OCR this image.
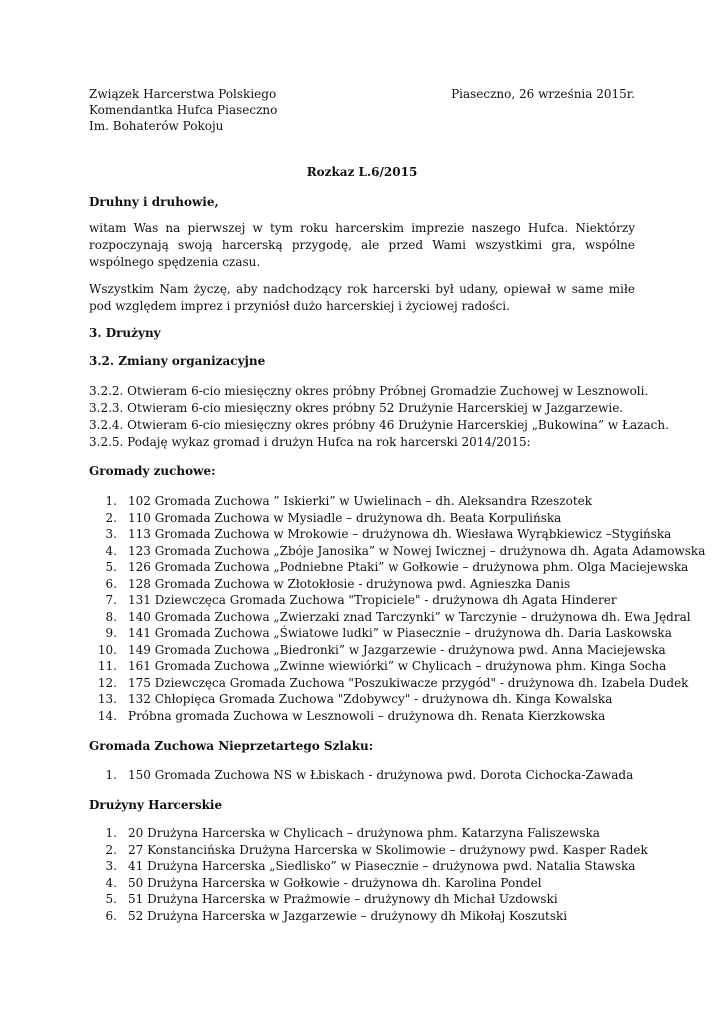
Związek Harcerstwa Polskiego	Piaseczno, 26 września 2015r.
Komendantka Hufca Piaseczno
Im. Bohaterów Pokoju
Rozkaz L.6/2015
Druhny i druhowie,
witam Was na pierwszej w tym roku harcerskim imprezie naszego Hufca. Niektórzy
rozpoczynają swoją harcerską przygodę, ale przed Wami wszystkimi gra, wspólne
wspólnego spędzenia czasu.
Wszystkim Nam życzę, aby nadchodzący rok harcerski był udany, opiewał w same miłe
pod względem imprez i przyniósł dużo harcerskiej i życiowej radości.
3. Drużyny
3.2. Zmiany organizacyjne
3.2.2. Otwieram 6-cio miesięczny okres próbny Próbnej Gromadzie Zuchowej w Lesznowoli.
3.2.3. Otwieram 6-cio miesięczny okres próbny 52 Drużynie Harcerskiej w Jazgarzewie.
3.2.4. Otwieram 6-cio miesięczny okres próbny 46 Drużynie Harcerskiej „Bukowina” w Łazach.
3.2.5. Podaję wykaz gromad i drużyn Hufca na rok harcerski 2014/2015:
Gromady zuchowe:
1. 102 Gromada Zuchowa ” Iskierki” w Uwielinach – dh. Aleksandra Rzeszotek
2. 110 Gromada Zuchowa w Mysiadle – drużynowa dh. Beata Korpulińska
3. 113 Gromada Zuchowa w Mrokowie – drużynowa dh. Wiesława Wyrąbkiewicz –Stygińska
4. 123 Gromada Zuchowa „Zbóje Janosika” w Nowej Iwicznej – drużynowa dh. Agata Adamowska
5. 126 Gromada Zuchowa „Podniebne Ptaki” w Gołkowie – drużynowa phm. Olga Maciejewska
6. 128 Gromada Zuchowa w Złotokłosie - drużynowa pwd. Agnieszka Danis
7. 131 Dziewczęca Gromada Zuchowa "Tropiciele" - drużynowa dh Agata Hinderer
8. 140 Gromada Zuchowa „Zwierzaki znad Tarczynki” w Tarczynie – drużynowa dh. Ewa Jędral
9. 141 Gromada Zuchowa „Światowe ludki” w Piasecznie – drużynowa dh. Daria Laskowska
10. 149 Gromada Zuchowa „Biedronki” w Jazgarzewie - drużynowa pwd. Anna Maciejewska
11. 161 Gromada Zuchowa „Zwinne wiewiórki” w Chylicach – drużynowa phm. Kinga Socha
12. 175 Dziewczęca Gromada Zuchowa "Poszukiwacze przygód" - drużynowa dh. Izabela Dudek
13. 132 Chłopięca Gromada Zuchowa "Zdobywcy" - drużynowa dh. Kinga Kowalska
14. Próbna gromada Zuchowa w Lesznowoli – drużynowa dh. Renata Kierzkowska
Gromada Zuchowa Nieprzetartego Szlaku:
1. 150 Gromada Zuchowa NS w Łbiskach - drużynowa pwd. Dorota Cichocka-Zawada
Drużyny Harcerskie
1. 20 Drużyna Harcerska w Chylicach – drużynowa phm. Katarzyna Faliszewska
2. 27 Konstancińska Drużyna Harcerska w Skolimowie – drużynowy pwd. Kasper Radek
3. 41 Drużyna Harcerska „Siedlisko” w Piasecznie – drużynowa pwd. Natalia Stawska
4. 50 Drużyna Harcerska w Gołkowie - drużynowa dh. Karolina Pondel
5. 51 Drużyna Harcerska w Prażmowie – drużynowy dh Michał Uzdowski
6. 52 Drużyna Harcerska w Jazgarzewie – drużynowy dh Mikołaj Koszutski
